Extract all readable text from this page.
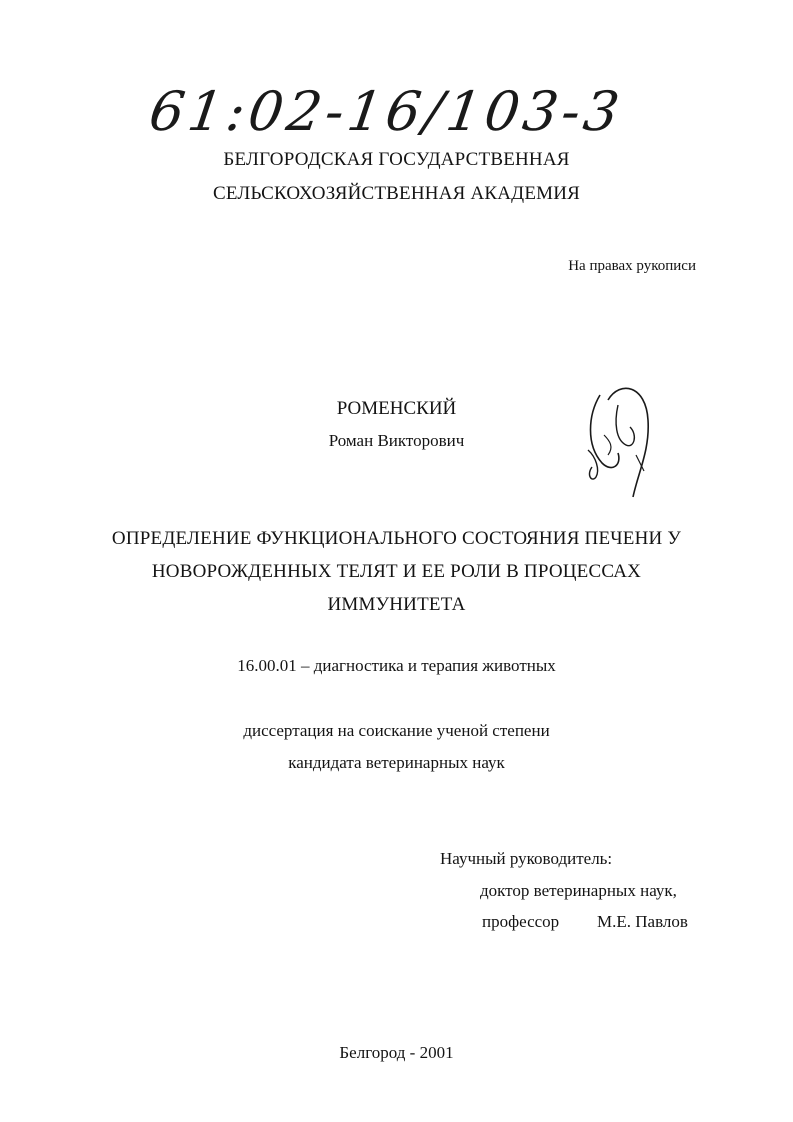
61:02-16/103-3
БЕЛГОРОДСКАЯ ГОСУДАРСТВЕННАЯ
СЕЛЬСКОХОЗЯЙСТВЕННАЯ АКАДЕМИЯ
На правах рукописи
РОМЕНСКИЙ
Роман Викторович
ОПРЕДЕЛЕНИЕ ФУНКЦИОНАЛЬНОГО СОСТОЯНИЯ ПЕЧЕНИ У
НОВОРОЖДЕННЫХ ТЕЛЯТ И ЕЕ РОЛИ В ПРОЦЕССАХ
ИММУНИТЕТА
16.00.01 – диагностика и терапия животных
диссертация на соискание ученой степени
кандидата ветеринарных наук
Научный руководитель:
доктор ветеринарных наук,
профессор М.Е. Павлов
Белгород - 2001
